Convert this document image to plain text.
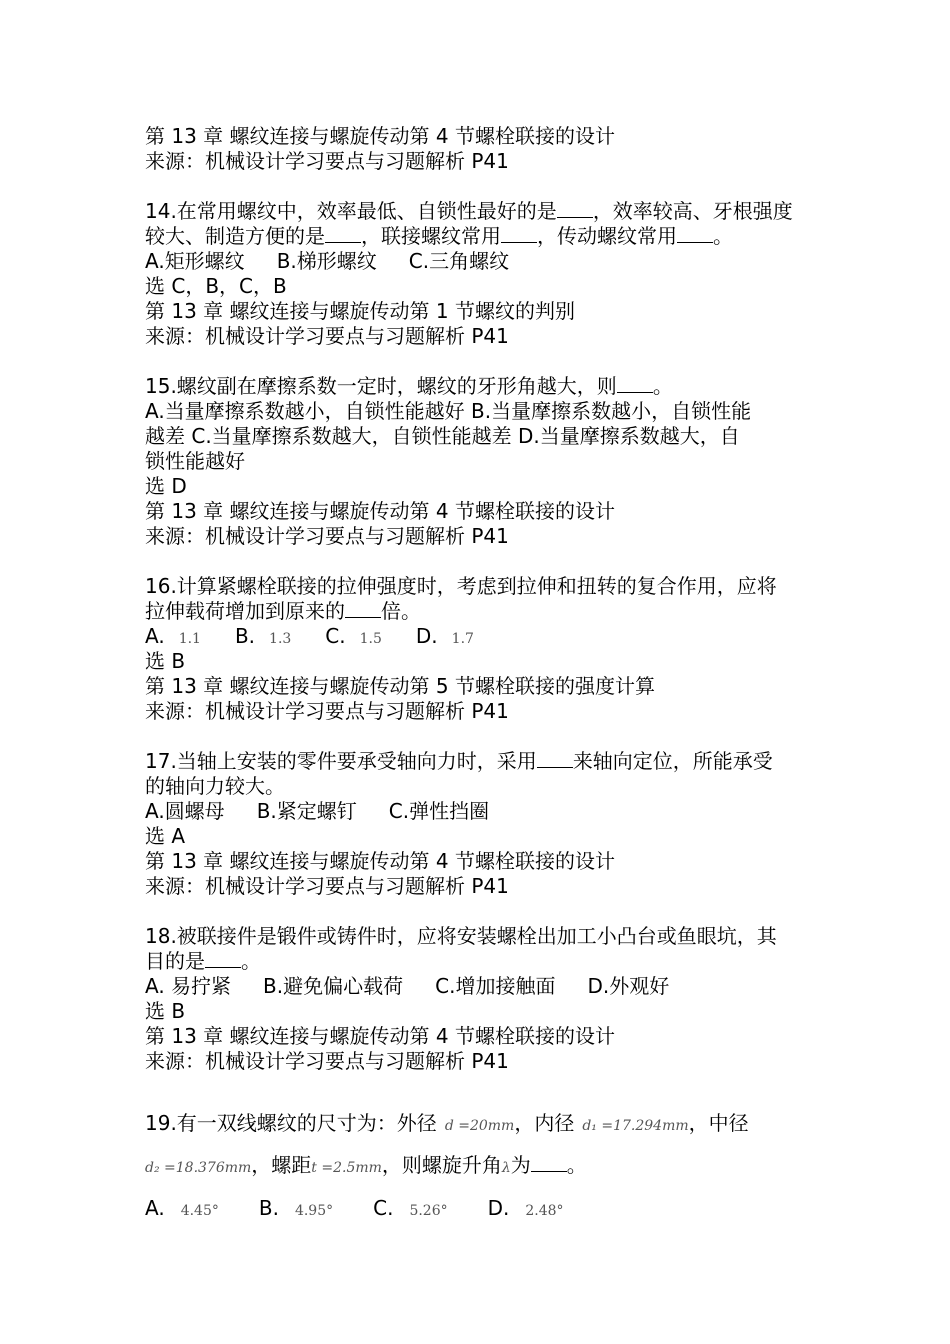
第 13 章 螺纹连接与螺旋传动第 4 节螺栓联接的设计
来源：机械设计学习要点与习题解析 P41
14.在常用螺纹中，效率最低、自锁性最好的是 ，效率较高、牙根强度
较大、制造方便的是 ，联接螺纹常用 ，传动螺纹常用 。
A.矩形螺纹 B.梯形螺纹 C.三角螺纹
选 C，B，C，B
第 13 章 螺纹连接与螺旋传动第 1 节螺纹的判别
来源：机械设计学习要点与习题解析 P41
15.螺纹副在摩擦系数一定时，螺纹的牙形角越大，则 。
A.当量摩擦系数越小，自锁性能越好 B.当量摩擦系数越小，自锁性能
越差 C.当量摩擦系数越大，自锁性能越差 D.当量摩擦系数越大，自
锁性能越好
选 D
第 13 章 螺纹连接与螺旋传动第 4 节螺栓联接的设计
来源：机械设计学习要点与习题解析 P41
16.计算紧螺栓联接的拉伸强度时，考虑到拉伸和扭转的复合作用，应将
拉伸载荷增加到原来的 倍。
A. 1.1 B. 1.3 C. 1.5 D. 1.7
选 B
第 13 章 螺纹连接与螺旋传动第 5 节螺栓联接的强度计算
来源：机械设计学习要点与习题解析 P41
17.当轴上安装的零件要承受轴向力时，采用 来轴向定位，所能承受
的轴向力较大。
A.圆螺母 B.紧定螺钉 C.弹性挡圈
选 A
第 13 章 螺纹连接与螺旋传动第 4 节螺栓联接的设计
来源：机械设计学习要点与习题解析 P41
18.被联接件是锻件或铸件时，应将安装螺栓出加工小凸台或鱼眼坑，其
目的是 。
A. 易拧紧 B.避免偏心载荷 C.增加接触面 D.外观好
选 B
第 13 章 螺纹连接与螺旋传动第 4 节螺栓联接的设计
来源：机械设计学习要点与习题解析 P41
19.有一双线螺纹的尺寸为：外径 d =20mm，内径 d₁ =17.294mm，中径
d₂ =18.376mm，螺距t =2.5mm，则螺旋升角λ为 。
A. 4.45° B. 4.95° C. 5.26° D. 2.48°
